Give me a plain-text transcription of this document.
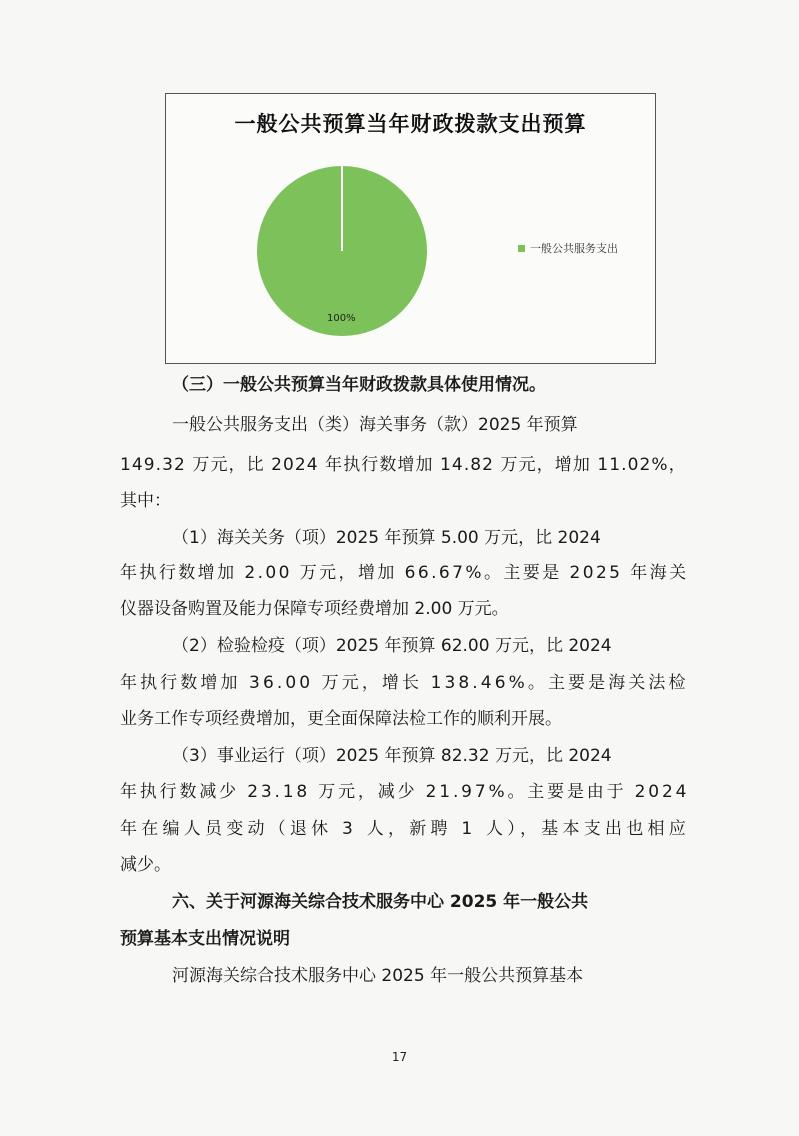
一般公共预算当年财政拨款支出预算
一般公共服务支出
100%
（三）一般公共预算当年财政拨款具体使用情况。
一般公共服务支出（类）海关事务（款）2025 年预算
149.32 万元，比 2024 年执行数增加 14.82 万元，增加 11.02%，
其中：
（1）海关关务（项）2025 年预算 5.00 万元，比 2024
年执行数增加 2.00 万元，增加 66.67%。主要是 2025 年海关
仪器设备购置及能力保障专项经费增加 2.00 万元。
（2）检验检疫（项）2025 年预算 62.00 万元，比 2024
年执行数增加 36.00 万元，增长 138.46%。主要是海关法检
业务工作专项经费增加，更全面保障法检工作的顺利开展。
（3）事业运行（项）2025 年预算 82.32 万元，比 2024
年执行数减少 23.18 万元，减少 21.97%。主要是由于 2024
年在编人员变动（退休 3 人，新聘 1 人），基本支出也相应
减少。
六、关于河源海关综合技术服务中心 2025 年一般公共
预算基本支出情况说明
河源海关综合技术服务中心 2025 年一般公共预算基本
17
